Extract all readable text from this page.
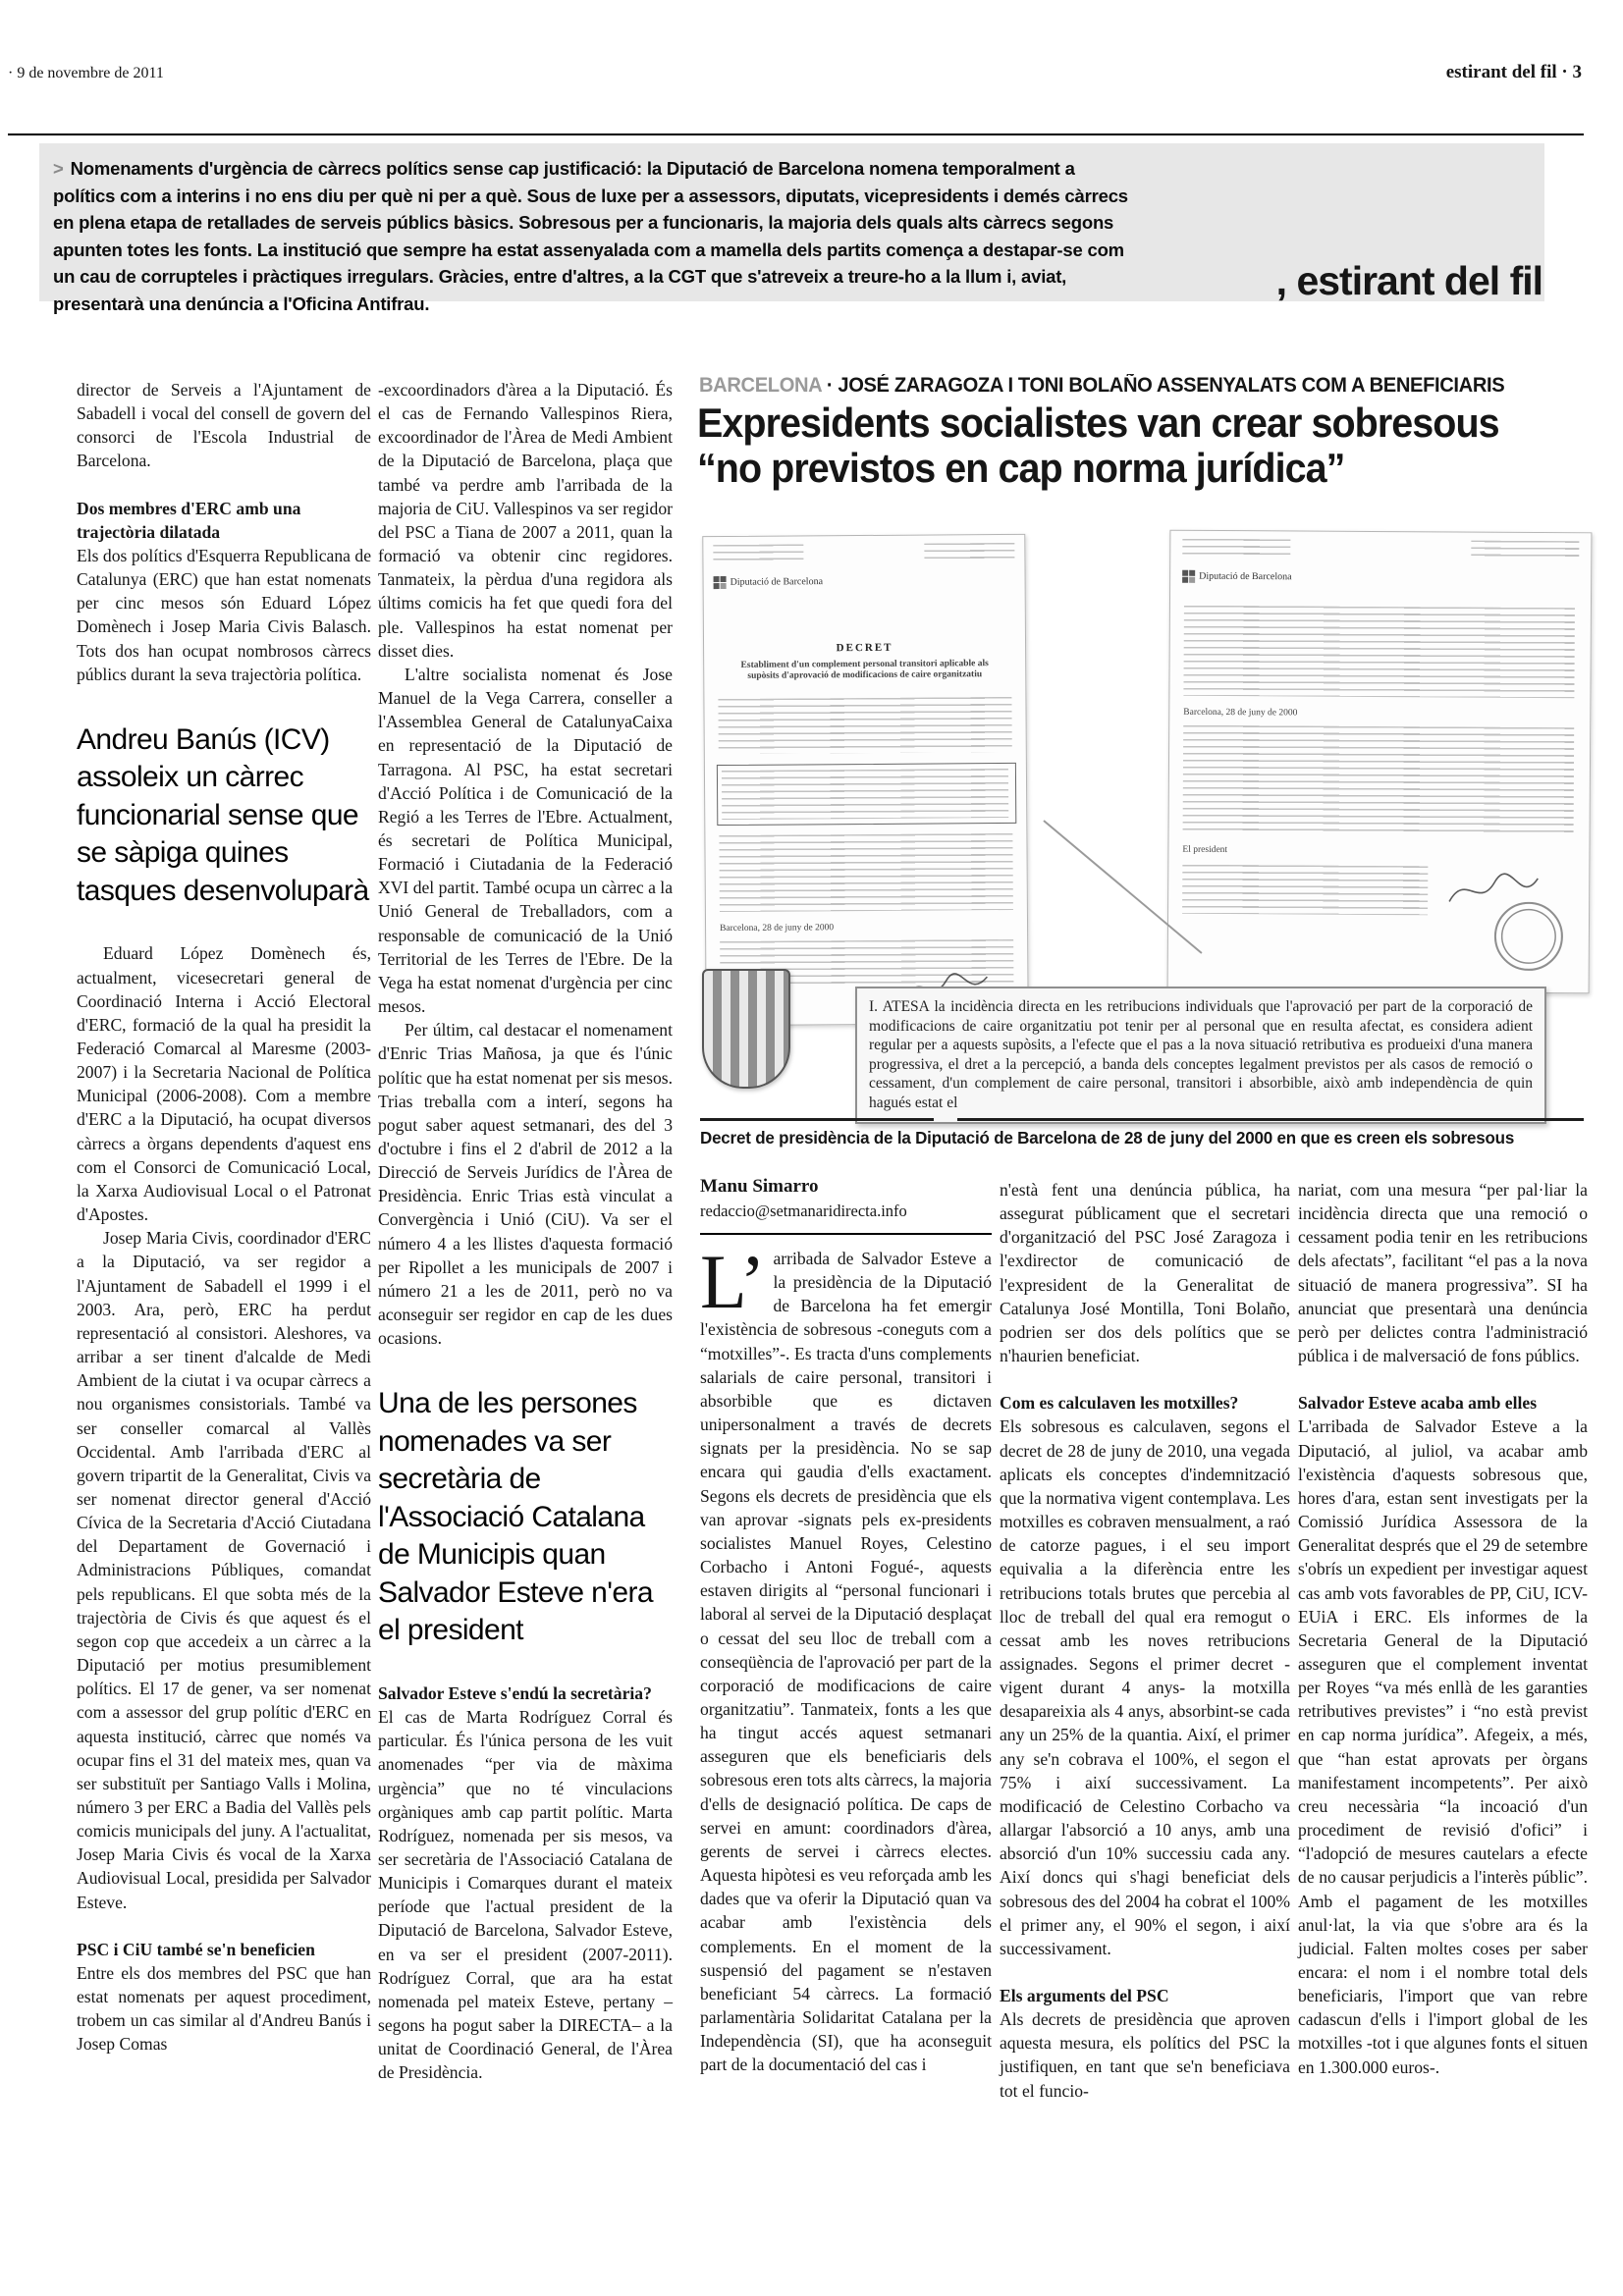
· 9 de novembre de 2011	estirant del fil · 3
> Nomenaments d'urgència de càrrecs polítics sense cap justificació: la Diputació de Barcelona nomena temporalment a polítics com a interins i no ens diu per què ni per a què. Sous de luxe per a assessors, diputats, vicepresidents i demés càrrecs en plena etapa de retallades de serveis públics bàsics. Sobresous per a funcionaris, la majoria dels quals alts càrrecs segons apunten totes les fonts. La institució que sempre ha estat assenyalada com a mamella dels partits comença a destapar-se com un cau de corrupteles i pràctiques irregulars. Gràcies, entre d'altres, a la CGT que s'atreveix a treure-ho a la llum i, aviat, presentarà una denúncia a l'Oficina Antifrau.
, estirant del fil
BARCELONA · JOSÉ ZARAGOZA I TONI BOLAÑO ASSENYALATS COM A BENEFICIARIS
Expresidents socialistes van crear sobresous
“no previstos en cap norma jurídica”
Diputació de Barcelona
DECRET
Establiment d'un complement personal transitori aplicable als supòsits d'aprovació de modificacions de caire organitzatiu
Barcelona, 28 de juny de 2000
Diputació de Barcelona
Barcelona, 28 de juny de 2000
El president
I. ATESA la incidència directa en les retribucions individuals que l'aprovació per part de la corporació de modificacions de caire organitzatiu pot tenir per al personal que en resulta afectat, es considera adient regular per a aquests supòsits, a l'efecte que el pas a la nova situació retributiva es produeixi d'una manera progressiva, el dret a la percepció, a banda dels conceptes legalment previstos per als casos de remoció o cessament, d'un complement de caire personal, transitori i absorbible, això amb independència de quin hagués estat el
Decret de presidència de la Diputació de Barcelona de 28 de juny del 2000 en que es creen els sobresous
Manu Simarro
redaccio@setmanaridirecta.info

director de Serveis a l'Ajuntament de Sabadell i vocal del consell de govern del consorci de l'Escola Industrial de Barcelona.

Dos membres d'ERC amb una trajectòria dilatada

Els dos polítics d'Esquerra Republicana de Catalunya (ERC) que han estat nomenats per cinc mesos són Eduard López Domènech i Josep Maria Civis Balasch. Tots dos han ocupat nombrosos càrrecs públics durant la seva trajectòria política.

Andreu Banús (ICV) assoleix un càrrec funcionarial sense que se sàpiga quines tasques desenvoluparà

Eduard López Domènech és, actualment, vicesecretari general de Coordinació Interna i Acció Electoral d'ERC, formació de la qual ha presidit la Federació Comarcal al Maresme (2003-2007) i la Secretaria Nacional de Política Municipal (2006-2008). Com a membre d'ERC a la Diputació, ha ocupat diversos càrrecs a òrgans dependents d'aquest ens com el Consorci de Comunicació Local, la Xarxa Audiovisual Local o el Patronat d'Apostes.

Josep Maria Civis, coordinador d'ERC a la Diputació, va ser regidor a l'Ajuntament de Sabadell el 1999 i el 2003. Ara, però, ERC ha perdut representació al consistori. Aleshores, va arribar a ser tinent d'alcalde de Medi Ambient de la ciutat i va ocupar càrrecs a nou organismes consistorials. També va ser conseller comarcal al Vallès Occidental. Amb l'arribada d'ERC al govern tripartit de la Generalitat, Civis va ser nomenat director general d'Acció Cívica de la Secretaria d'Acció Ciutadana del Departament de Governació i Administracions Públiques, comandat pels republicans. El que sobta més de la trajectòria de Civis és que aquest és el segon cop que accedeix a un càrrec a la Diputació per motius presumiblement polítics. El 17 de gener, va ser nomenat com a assessor del grup polític d'ERC en aquesta institució, càrrec que només va ocupar fins el 31 del mateix mes, quan va ser substituït per Santiago Valls i Molina, número 3 per ERC a Badia del Vallès pels comicis municipals del juny. A l'actualitat, Josep Maria Civis és vocal de la Xarxa Audiovisual Local, presidida per Salvador Esteve.

PSC i CiU també se'n beneficien

Entre els dos membres del PSC que han estat nomenats per aquest procediment, trobem un cas similar al d'Andreu Banús i Josep Comas

-excoordinadors d'àrea a la Diputació. És el cas de Fernando Vallespinos Riera, excoordinador de l'Àrea de Medi Ambient de la Diputació de Barcelona, plaça que també va perdre amb l'arribada de la majoria de CiU. Vallespinos va ser regidor del PSC a Tiana de 2007 a 2011, quan la formació va obtenir cinc regidores. Tanmateix, la pèrdua d'una regidora als últims comicis ha fet que quedi fora del ple. Vallespinos ha estat nomenat per disset dies.

L'altre socialista nomenat és Jose Manuel de la Vega Carrera, conseller a l'Assemblea General de CatalunyaCaixa en representació de la Diputació de Tarragona. Al PSC, ha estat secretari d'Acció Política i de Comunicació de la Regió a les Terres de l'Ebre. Actualment, és secretari de Política Municipal, Formació i Ciutadania de la Federació XVI del partit. També ocupa un càrrec a la Unió General de Treballadors, com a responsable de comunicació de la Unió Territorial de les Terres de l'Ebre. De la Vega ha estat nomenat d'urgència per cinc mesos.

Per últim, cal destacar el nomenament d'Enric Trias Mañosa, ja que és l'únic polític que ha estat nomenat per sis mesos. Trias treballa com a interí, segons ha pogut saber aquest setmanari, des del 3 d'octubre i fins el 2 d'abril de 2012 a la Direcció de Serveis Jurídics de l'Àrea de Presidència. Enric Trias està vinculat a Convergència i Unió (CiU). Va ser el número 4 a les llistes d'aquesta formació per Ripollet a les municipals de 2007 i número 21 a les de 2011, però no va aconseguir ser regidor en cap de les dues ocasions.

Una de les persones nomenades va ser secretària de l'Associació Catalana de Municipis quan Salvador Esteve n'era el president

Salvador Esteve s'endú la secretària?

El cas de Marta Rodríguez Corral és particular. És l'única persona de les vuit anomenades “per via de màxima urgència” que no té vinculacions orgàniques amb cap partit polític. Marta Rodríguez, nomenada per sis mesos, va ser secretària de l'Associació Catalana de Municipis i Comarques durant el mateix període que l'actual president de la Diputació de Barcelona, Salvador Esteve, en va ser el president (2007-2011). Rodríguez Corral, que ara ha estat nomenada pel mateix Esteve, pertany –segons ha pogut saber la DIRECTA– a la unitat de Coordinació General, de l'Àrea de Presidència.

L’ arribada de Salvador Esteve a la presidència de la Diputació de Barcelona ha fet emergir l'existència de sobresous -coneguts com a “motxilles”-. Es tracta d'uns complements salarials de caire personal, transitori i absorbible que es dictaven unipersonalment a través de decrets signats per la presidència. No se sap encara qui gaudia d'ells exactament. Segons els decrets de presidència que els van aprovar -signats pels ex-presidents socialistes Manuel Royes, Celestino Corbacho i Antoni Fogué-, aquests estaven dirigits al “personal funcionari i laboral al servei de la Diputació desplaçat o cessat del seu lloc de treball com a conseqüència de l'aprovació per part de la corporació de modificacions de caire organitzatiu”. Tanmateix, fonts a les que ha tingut accés aquest setmanari asseguren que els beneficiaris dels sobresous eren tots alts càrrecs, la majoria d'ells de designació política. De caps de servei en amunt: coordinadors d'àrea, gerents de servei i càrrecs electes. Aquesta hipòtesi es veu reforçada amb les dades que va oferir la Diputació quan va acabar amb l'existència dels complements. En el moment de la suspensió del pagament se n'estaven beneficiant 54 càrrecs. La formació parlamentària Solidaritat Catalana per la Independència (SI), que ha aconseguit part de la documentació del cas i

n'està fent una denúncia pública, ha assegurat públicament que el secretari d'organització del PSC José Zaragoza i l'exdirector de comunicació de l'expresident de la Generalitat de Catalunya José Montilla, Toni Bolaño, podrien ser dos dels polítics que se n'haurien beneficiat.

Com es calculaven les motxilles?

Els sobresous es calculaven, segons el decret de 28 de juny de 2010, una vegada aplicats els conceptes d'indemnització que la normativa vigent contemplava. Les motxilles es cobraven mensualment, a raó de catorze pagues, i el seu import equivalia a la diferència entre les retribucions totals brutes que percebia al lloc de treball del qual era remogut o cessat amb les noves retribucions assignades. Segons el primer decret -vigent durant 4 anys- la motxilla desapareixia als 4 anys, absorbint-se cada any un 25% de la quantia. Així, el primer any se'n cobrava el 100%, el segon el 75% i així successivament. La modificació de Celestino Corbacho va allargar l'absorció a 10 anys, amb una absorció d'un 10% successiu cada any. Així doncs qui s'hagi beneficiat dels sobresous des del 2004 ha cobrat el 100% el primer any, el 90% el segon, i així successivament.

Els arguments del PSC

Als decrets de presidència que aproven aquesta mesura, els polítics del PSC la justifiquen, en tant que se'n beneficiava tot el funcio-

nariat, com una mesura “per pal·liar la incidència directa que una remoció o cessament podia tenir en les retribucions dels afectats”, facilitant “el pas a la nova situació de manera progressiva”. SI ha anunciat que presentarà una denúncia però per delictes contra l'administració pública i de malversació de fons públics.

Salvador Esteve acaba amb elles

L'arribada de Salvador Esteve a la Diputació, al juliol, va acabar amb l'existència d'aquests sobresous que, hores d'ara, estan sent investigats per la Comissió Jurídica Assessora de la Generalitat després que el 29 de setembre s'obrís un expedient per investigar aquest cas amb vots favorables de PP, CiU, ICV-EUiA i ERC. Els informes de la Secretaria General de la Diputació asseguren que el complement inventat per Royes “va més enllà de les garanties retributives previstes” i “no està previst en cap norma jurídica”. Afegeix, a més, que “han estat aprovats per òrgans manifestament incompetents”. Per això creu necessària “la incoació d'un procediment de revisió d'ofici” i “l'adopció de mesures cautelars a efecte de no causar perjudicis a l'interès públic”. Amb el pagament de les motxilles anul·lat, la via que s'obre ara és la judicial. Falten moltes coses per saber encara: el nom i el nombre total dels beneficiaris, l'import que van rebre cadascun d'ells i l'import global de les motxilles -tot i que algunes fonts el situen en 1.300.000 euros-.
